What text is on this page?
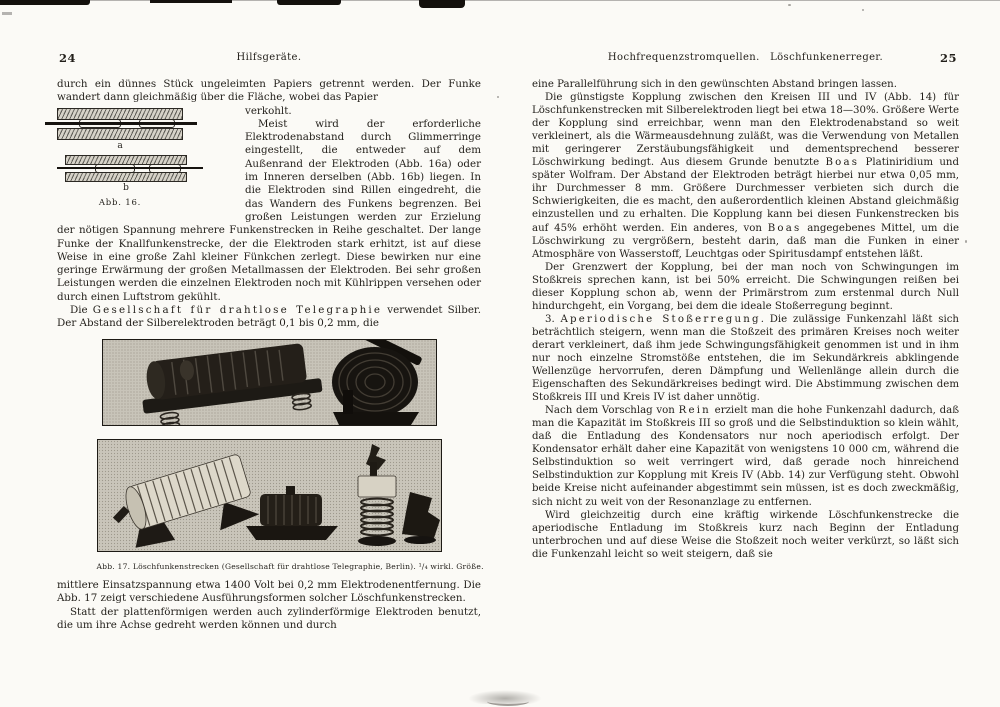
24	Hilfsgeräte.

durch ein dünnes Stück ungeleimten Papiers getrennt werden. Der Funke wandert dann gleichmäßig über die Fläche, wobei das Papier

a
b
Abb. 16.

verkohlt.

Meist wird der erforderliche Elektrodenabstand durch Glimmerringe eingestellt, die entweder auf dem Außenrand der Elektroden (Abb. 16a) oder im Inneren derselben (Abb. 16b) liegen. In die Elektroden sind Rillen eingedreht, die das Wandern des Funkens begrenzen. Bei großen Leistungen werden zur Erzielung der nötigen Spannung mehrere Funkenstrecken in Reihe geschaltet. Der lange Funke der Knallfunkenstrecke, der die Elektroden stark erhitzt, ist auf diese Weise in eine große Zahl kleiner Fünkchen zerlegt. Diese bewirken nur eine geringe Erwärmung der großen Metallmassen der Elektroden. Bei sehr großen Leistungen werden die einzelnen Elektroden noch mit Kühlrippen versehen oder durch einen Luftstrom gekühlt.

Die Gesellschaft für drahtlose Telegraphie verwendet Silber. Der Abstand der Silberelektroden beträgt 0,1 bis 0,2 mm, die

Abb. 17. Löschfunkenstrecken (Gesellschaft für drahtlose Telegraphie, Berlin). ¹/₄ wirkl. Größe.

mittlere Einsatzspannung etwa 1400 Volt bei 0,2 mm Elektrodenentfernung. Die Abb. 17 zeigt verschiedene Ausführungsformen solcher Löschfunkenstrecken.

Statt der plattenförmigen werden auch zylinderförmige Elektroden benutzt, die um ihre Achse gedreht werden können und durch

Hochfrequenzstromquellen. Löschfunkenerreger.	25

eine Parallelführung sich in den gewünschten Abstand bringen lassen.

Die günstigste Kopplung zwischen den Kreisen III und IV (Abb. 14) für Löschfunkenstrecken mit Silberelektroden liegt bei etwa 18—30%. Größere Werte der Kopplung sind erreichbar, wenn man den Elektrodenabstand so weit verkleinert, als die Wärmeausdehnung zuläßt, was die Verwendung von Metallen mit geringerer Zerstäubungsfähigkeit und dementsprechend besserer Löschwirkung bedingt. Aus diesem Grunde benutzte Boas Platiniridium und später Wolfram. Der Abstand der Elektroden beträgt hierbei nur etwa 0,05 mm, ihr Durchmesser 8 mm. Größere Durchmesser verbieten sich durch die Schwierigkeiten, die es macht, den außerordentlich kleinen Abstand gleichmäßig einzustellen und zu erhalten. Die Kopplung kann bei diesen Funkenstrecken bis auf 45% erhöht werden. Ein anderes, von Boas angegebenes Mittel, um die Löschwirkung zu vergrößern, besteht darin, daß man die Funken in einer Atmosphäre von Wasserstoff, Leuchtgas oder Spiritusdampf entstehen läßt.

Der Grenzwert der Kopplung, bei der man noch von Schwingungen im Stoßkreis sprechen kann, ist bei 50% erreicht. Die Schwingungen reißen bei dieser Kopplung schon ab, wenn der Primärstrom zum erstenmal durch Null hindurchgeht, ein Vorgang, bei dem die ideale Stoßerregung beginnt.

3. Aperiodische Stoßerregung. Die zulässige Funkenzahl läßt sich beträchtlich steigern, wenn man die Stoßzeit des primären Kreises noch weiter derart verkleinert, daß ihm jede Schwingungsfähigkeit genommen ist und in ihm nur noch einzelne Stromstöße entstehen, die im Sekundärkreis abklingende Wellenzüge hervorrufen, deren Dämpfung und Wellenlänge allein durch die Eigenschaften des Sekundärkreises bedingt wird. Die Abstimmung zwischen dem Stoßkreis III und Kreis IV ist daher unnötig.

Nach dem Vorschlag von Rein erzielt man die hohe Funkenzahl dadurch, daß man die Kapazität im Stoßkreis III so groß und die Selbstinduktion so klein wählt, daß die Entladung des Kondensators nur noch aperiodisch erfolgt. Der Kondensator erhält daher eine Kapazität von wenigstens 10 000 cm, während die Selbstinduktion so weit verringert wird, daß gerade noch hinreichend Selbstinduktion zur Kopplung mit Kreis IV (Abb. 14) zur Verfügung steht. Obwohl beide Kreise nicht aufeinander abgestimmt sein müssen, ist es doch zweckmäßig, sich nicht zu weit von der Resonanzlage zu entfernen.

Wird gleichzeitig durch eine kräftig wirkende Löschfunkenstrecke die aperiodische Entladung im Stoßkreis kurz nach Beginn der Entladung unterbrochen und auf diese Weise die Stoßzeit noch weiter verkürzt, so läßt sich die Funkenzahl leicht so weit steigern, daß sie
